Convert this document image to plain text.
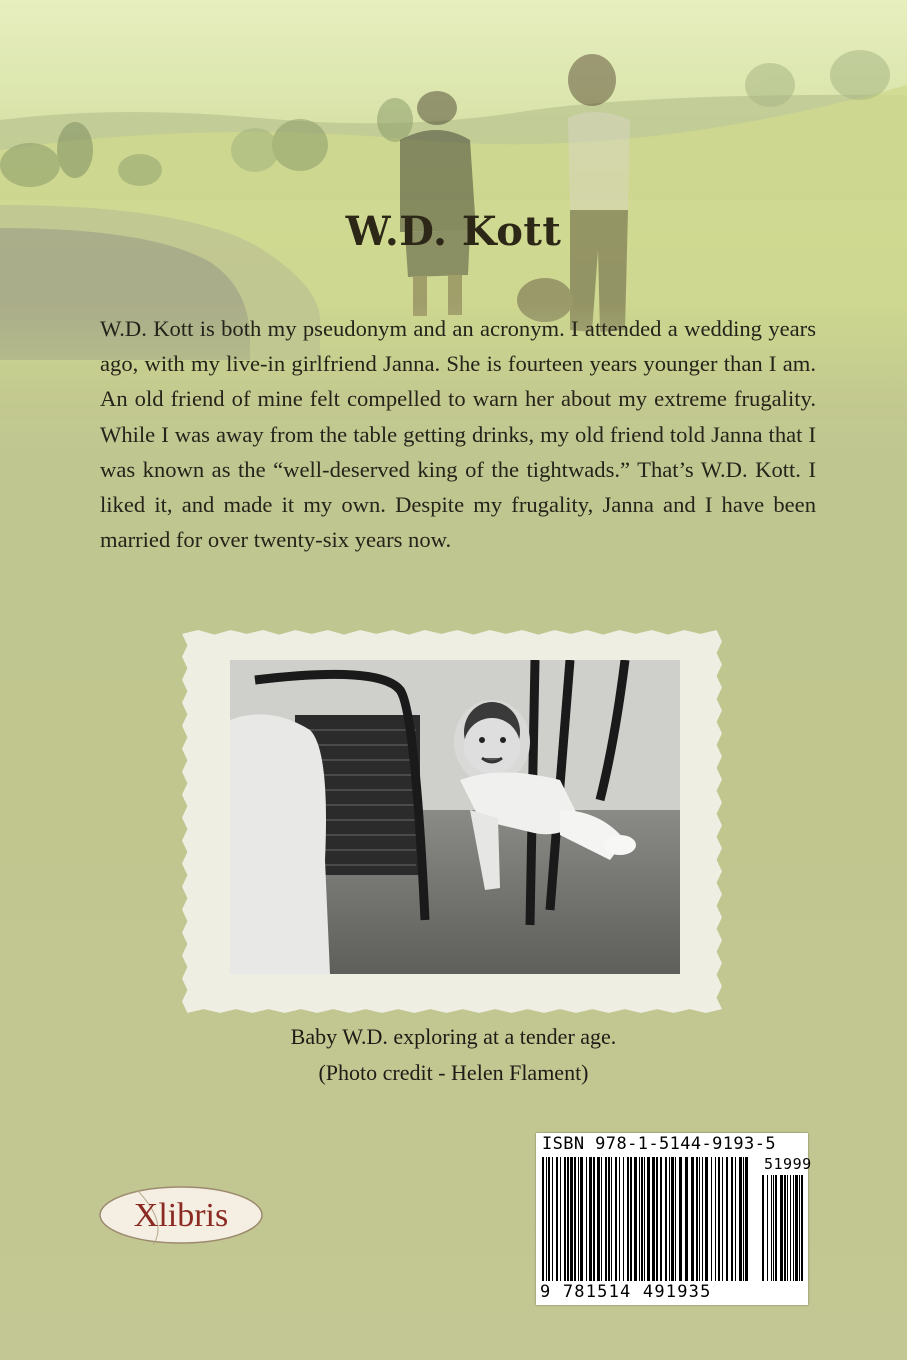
W.D. Kott

W.D. Kott is both my pseudonym and an acronym. I attended a wedding years ago, with my live-in girlfriend Janna. She is fourteen years younger than I am. An old friend of mine felt compelled to warn her about my extreme frugality. While I was away from the table getting drinks, my old friend told Janna that I was known as the “well-deserved king of the tightwads.” That’s W.D. Kott. I liked it, and made it my own. Despite my frugality, Janna and I have been married for over twenty-six years now.

Baby W.D. exploring at a tender age.
(Photo credit - Helen Flament)
Xlibris
ISBN 978-1-5144-9193-5
51999
9 781514 491935
